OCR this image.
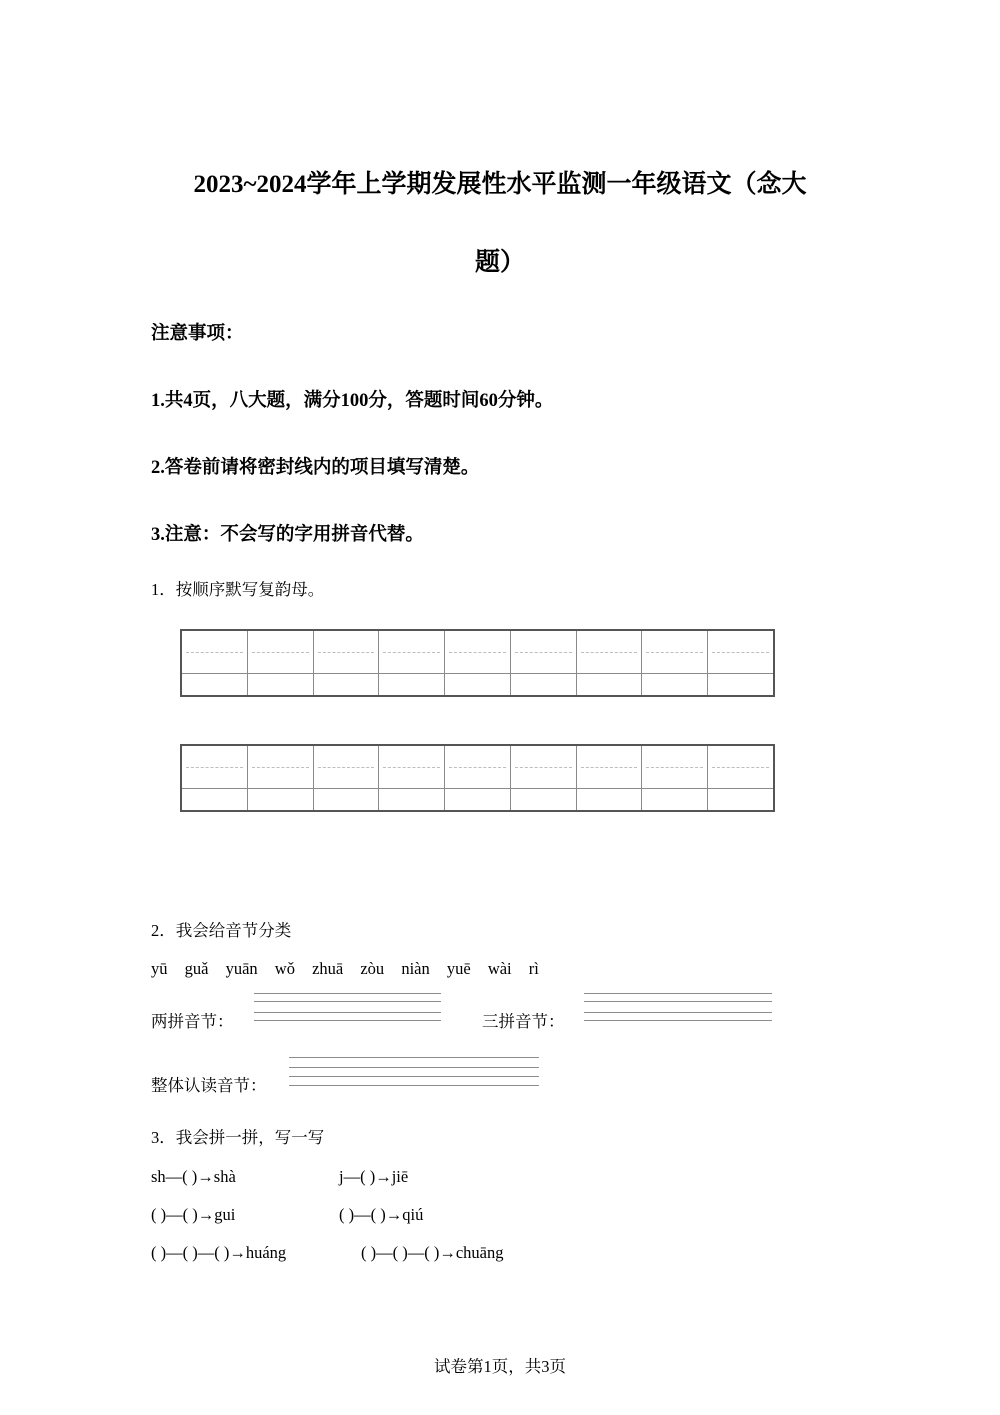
2023~2024学年上学期发展性水平监测一年级语文（念大
题）
注意事项：
1.共4页，八大题，满分100分，答题时间60分钟。
2.答卷前请将密封线内的项目填写清楚。
3.注意：不会写的字用拼音代替。
1．按顺序默写复韵母。
2．我会给音节分类
yū guǎ yuān wǒ zhuā zòu niàn yuē wài rì
两拼音节：	三拼音节：
整体认读音节：
3．我会拼一拼，写一写
sh—( )→shà	j—( )→jiē
( )—( )→gui	( )—( )→qiú
( )—( )—( )→huáng	( )—( )—( )→chuāng
试卷第1页，共3页
